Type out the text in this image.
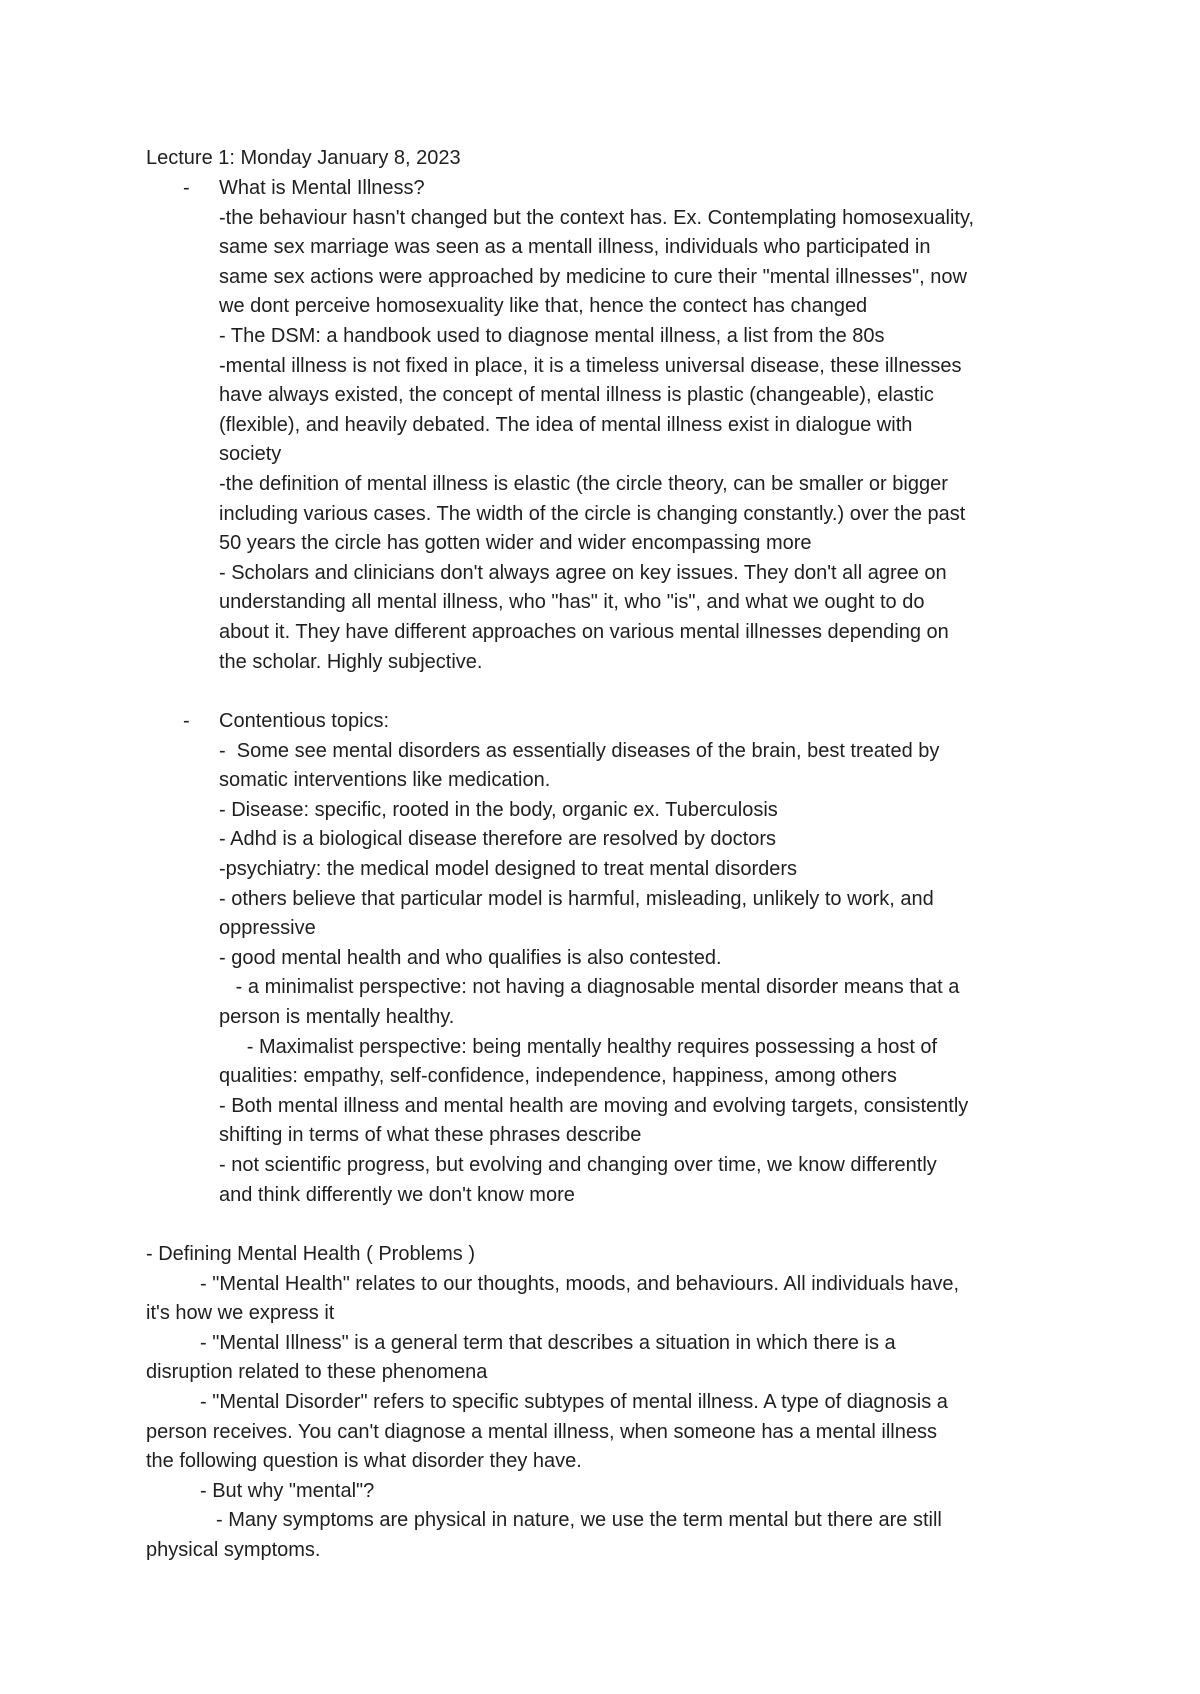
Lecture 1: Monday January 8, 2023
- What is Mental Illness?
-the behaviour hasn't changed but the context has. Ex. Contemplating homosexuality,
same sex marriage was seen as a mentall illness, individuals who participated in
same sex actions were approached by medicine to cure their "mental illnesses", now
we dont perceive homosexuality like that, hence the contect has changed
- The DSM: a handbook used to diagnose mental illness, a list from the 80s
-mental illness is not fixed in place, it is a timeless universal disease, these illnesses
have always existed, the concept of mental illness is plastic (changeable), elastic
(flexible), and heavily debated. The idea of mental illness exist in dialogue with
society
-the definition of mental illness is elastic (the circle theory, can be smaller or bigger
including various cases. The width of the circle is changing constantly.) over the past
50 years the circle has gotten wider and wider encompassing more
- Scholars and clinicians don't always agree on key issues. They don't all agree on
understanding all mental illness, who "has" it, who "is", and what we ought to do
about it. They have different approaches on various mental illnesses depending on
the scholar. Highly subjective.
- Contentious topics:
-  Some see mental disorders as essentially diseases of the brain, best treated by
somatic interventions like medication.
- Disease: specific, rooted in the body, organic ex. Tuberculosis
- Adhd is a biological disease therefore are resolved by doctors
-psychiatry: the medical model designed to treat mental disorders
- others believe that particular model is harmful, misleading, unlikely to work, and
oppressive
- good mental health and who qualifies is also contested.
- a minimalist perspective: not having a diagnosable mental disorder means that a
person is mentally healthy.
- Maximalist perspective: being mentally healthy requires possessing a host of
qualities: empathy, self-confidence, independence, happiness, among others
- Both mental illness and mental health are moving and evolving targets, consistently
shifting in terms of what these phrases describe
- not scientific progress, but evolving and changing over time, we know differently
and think differently we don't know more
- Defining Mental Health ( Problems )
- "Mental Health" relates to our thoughts, moods, and behaviours. All individuals have,
it's how we express it
- "Mental Illness" is a general term that describes a situation in which there is a
disruption related to these phenomena
- "Mental Disorder" refers to specific subtypes of mental illness. A type of diagnosis a
person receives. You can't diagnose a mental illness, when someone has a mental illness
the following question is what disorder they have.
- But why "mental"?
- Many symptoms are physical in nature, we use the term mental but there are still
physical symptoms.
